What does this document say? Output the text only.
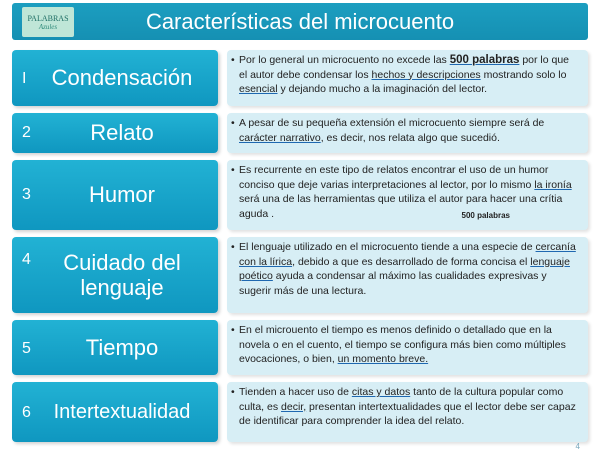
PALABRAS
Azules	Características del microcuento
I	Condensación
• Por lo general un microcuento no excede las 500 palabras por lo que el autor debe condensar los hechos y descripciones mostrando solo lo esencial y dejando mucho a la imaginación del lector.

2	Relato	• A pesar de su pequeña extensión el microcuento siempre será de carácter narrativo, es decir, nos relata algo que sucedió.

3	Humor
• Es recurrente en este tipo de relatos encontrar el uso de un humor conciso que deje varias interpretaciones al lector, por lo mismo la ironía será una de las herramientas que utiliza el autor para hacer una crítia aguda .	500 palabras
4	Cuidado del lenguaje
• El lenguaje utilizado en el microcuento tiende a una especie de cercanía con la lírica, debido a que es desarrollado de forma concisa el lenguaje poético ayuda a condensar al máximo las cualidades expresivas y sugerir más de una lectura.

5	Tiempo
• En el microuento el tiempo es menos definido o detallado que en la novela o en el cuento, el tiempo se configura más bien como múltiples evocaciones, o bien, un momento breve.

6	Intertextualidad
• Tienden a hacer uso de citas y datos tanto de la cultura popular como culta, es decir, presentan intertextualidades que el lector debe ser capaz de identificar para comprender la idea del relato.

4
